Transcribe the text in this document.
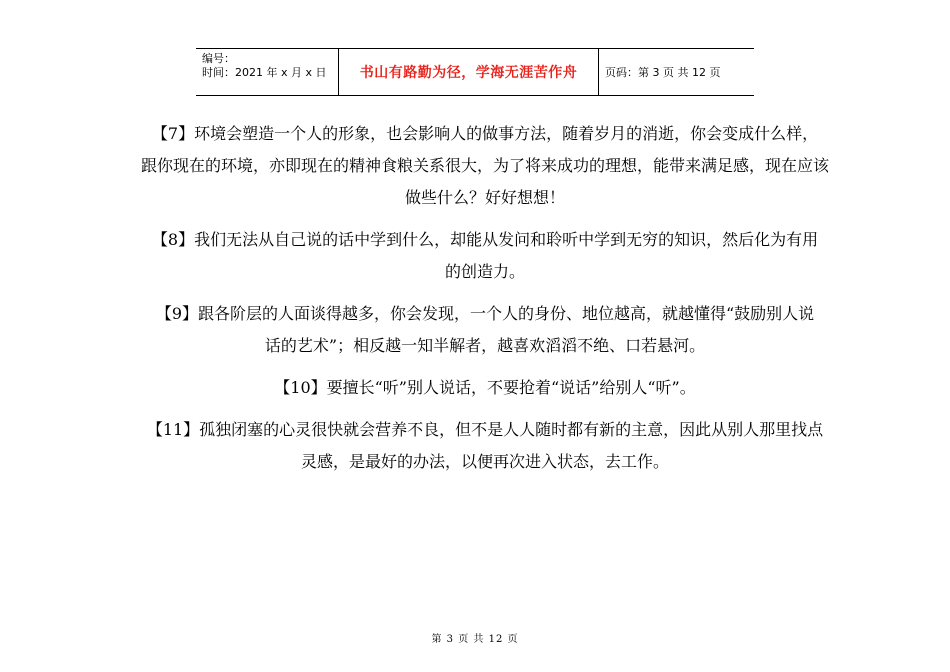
编号：
时间：2021 年 x 月 x 日	书山有路勤为径，学海无涯苦作舟	页码：第 3 页 共 12 页

【7】环境会塑造一个人的形象，也会影响人的做事方法，随着岁月的消逝，你会变成什么样，
跟你现在的环境，亦即现在的精神食粮关系很大，为了将来成功的理想，能带来满足感，现在应该
做些什么？好好想想！

【8】我们无法从自己说的话中学到什么，却能从发问和聆听中学到无穷的知识，然后化为有用
的创造力。

【9】跟各阶层的人面谈得越多，你会发现，一个人的身份、地位越高，就越懂得“鼓励别人说
话的艺术”；相反越一知半解者，越喜欢滔滔不绝、口若悬河。

【10】要擅长“听”别人说话，不要抢着“说话”给别人“听”。

【11】孤独闭塞的心灵很快就会营养不良，但不是人人随时都有新的主意，因此从别人那里找点
灵感，是最好的办法，以便再次进入状态，去工作。

第 3 页 共 12 页
